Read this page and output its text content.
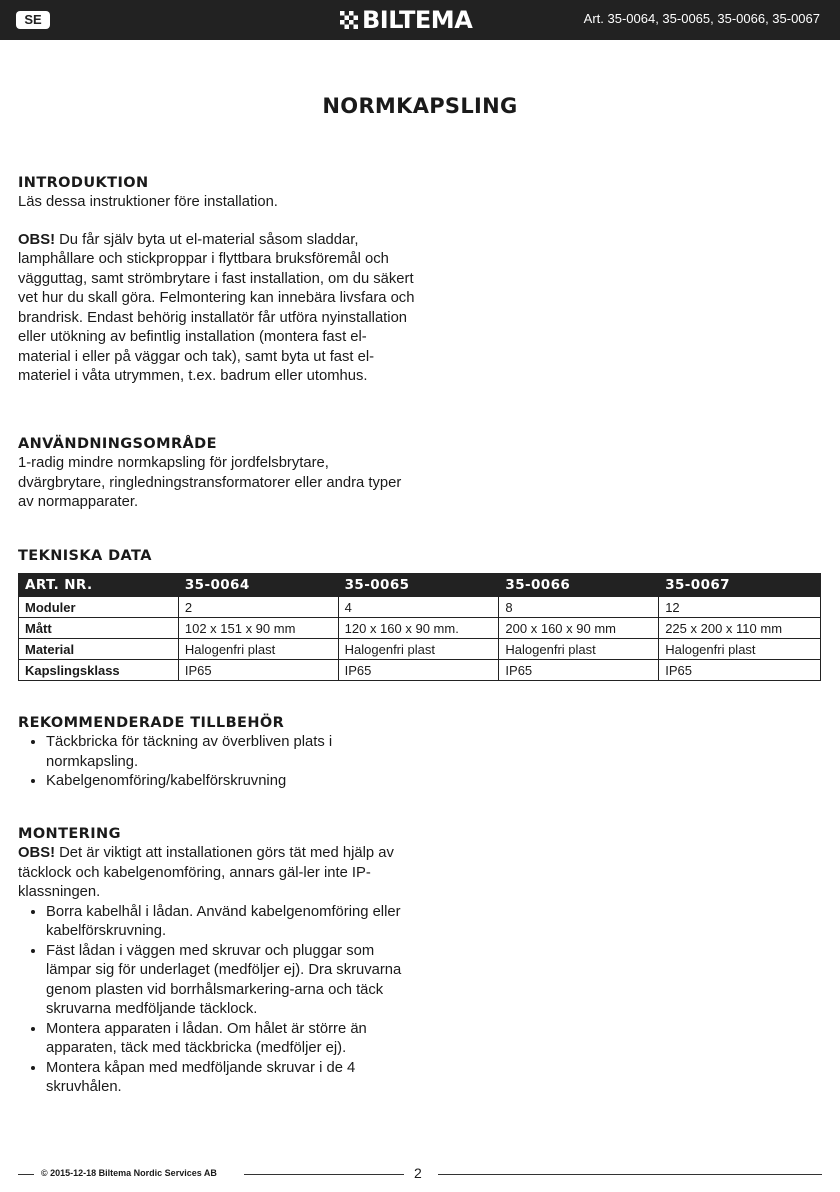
SE	BILTEMA	Art. 35-0064, 35-0065, 35-0066, 35-0067
NORMKAPSLING
INTRODUKTION

Läs dessa instruktioner före installation.

OBS! Du får själv byta ut el-material såsom sladdar, lamphållare och stickproppar i flyttbara bruksföremål och vägguttag, samt strömbrytare i fast installation, om du säkert vet hur du skall göra. Felmontering kan innebära livsfara och brandrisk. Endast behörig installatör får utföra nyinstallation eller utökning av befintlig installation (montera fast el-material i eller på väggar och tak), samt byta ut fast el-materiel i våta utrymmen, t.ex. badrum eller utomhus.

ANVÄNDNINGSOMRÅDE

1-radig mindre normkapsling för jordfelsbrytare, dvärgbrytare, ringledningstransformatorer eller andra typer av normapparater.

TEKNISKA DATA
ART. NR.	35-0064	35-0065	35-0066	35-0067
Moduler	2	4	8	12
Mått	102 x 151 x 90 mm	120 x 160 x 90 mm.	200 x 160 x 90 mm	225 x 200 x 110 mm
Material	Halogenfri plast	Halogenfri plast	Halogenfri plast	Halogenfri plast
Kapslingsklass	IP65	IP65	IP65	IP65
REKOMMENDERADE TILLBEHÖR
• Täckbricka för täckning av överbliven plats i normkapsling.
• Kabelgenomföring/kabelförskruvning
MONTERING

OBS! Det är viktigt att installationen görs tät med hjälp av täcklock och kabelgenomföring, annars gäl-ler inte IP-klassningen.

• Borra kabelhål i lådan. Använd kabelgenomföring eller kabelförskruvning.
• Fäst lådan i väggen med skruvar och pluggar som lämpar sig för underlaget (medföljer ej). Dra skruvarna genom plasten vid borrhålsmarkering-arna och täck skruvarna medföljande täcklock.
• Montera apparaten i lådan. Om hålet är större än apparaten, täck med täckbricka (medföljer ej).
• Montera kåpan med medföljande skruvar i de 4 skruvhålen.
© 2015-12-18 Biltema Nordic Services AB	2
